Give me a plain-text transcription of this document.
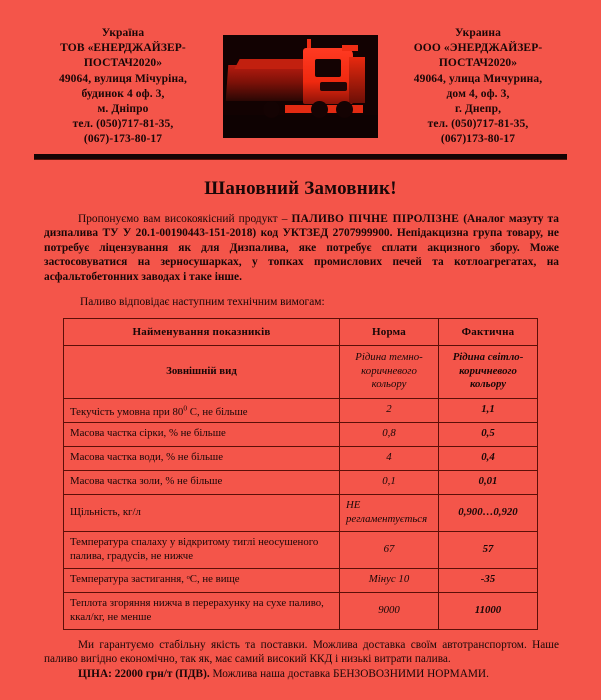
Україна
ТОВ «ЕНЕРДЖАЙЗЕР-
ПОСТАЧ2020»
49064, вулиця Мічуріна,
будинок 4 оф. 3,
м. Дніпро
тел. (050)717-81-35,
(067)-173-80-17
Украина
ООО «ЭНЕРДЖАЙЗЕР-
ПОСТАЧ2020»
49064, улица Мичурина,
дом 4, оф. 3,
г. Днепр,
тел. (050)717-81-35,
(067)173-80-17
Шановний Замовник!
Пропонуємо вам високоякісний продукт – ПАЛИВО ПІЧНЕ ПІРОЛІЗНЕ (Аналог мазуту та дизпалива ТУ У 20.1-00190443-151-2018) код УКТЗЕД 2707999900. Непідакцизна група товару, не потребує ліцензування як для Дизпалива, яке потребує сплати акцизного збору. Може застосовуватися на зерносушарках, у топках промислових печей та котлоагрегатах, на асфальтобетонних заводах і таке інше.
Паливо відповідає наступним технічним вимогам:
Найменування показників	Норма	Фактична
Зовнішній вид	Рідина темно-коричневого кольору	Рідина світло-коричневого кольору
Текучість умовна при $80^0$ С, не більше	2	1,1
Масова частка сірки, % не більше	0,8	0,5
Масова частка води, % не більше	4	0,4
Масова частка золи, % не більше	0,1	0,01
Щільність, кг/л	НЕ регламентується	0,900…0,920
Температура спалаху у відкритому тиглі неосушеного палива, градусів, не нижче	67	57
Температура застигання, ᵒС, не вище	Мінус 10	-35
Теплота згоряння нижча в перерахунку на сухе паливо, ккал/кг, не менше	9000	11000
Ми гарантуємо стабільну якість та поставки. Можлива доставка своїм автотранспортом. Наше паливо вигідно економічно, так як, має самий високий ККД і низькі витрати палива.
ЦІНА: 22000 грн/т (ПДВ). Можлива наша доставка БЕНЗОВОЗНИМИ НОРМАМИ.
